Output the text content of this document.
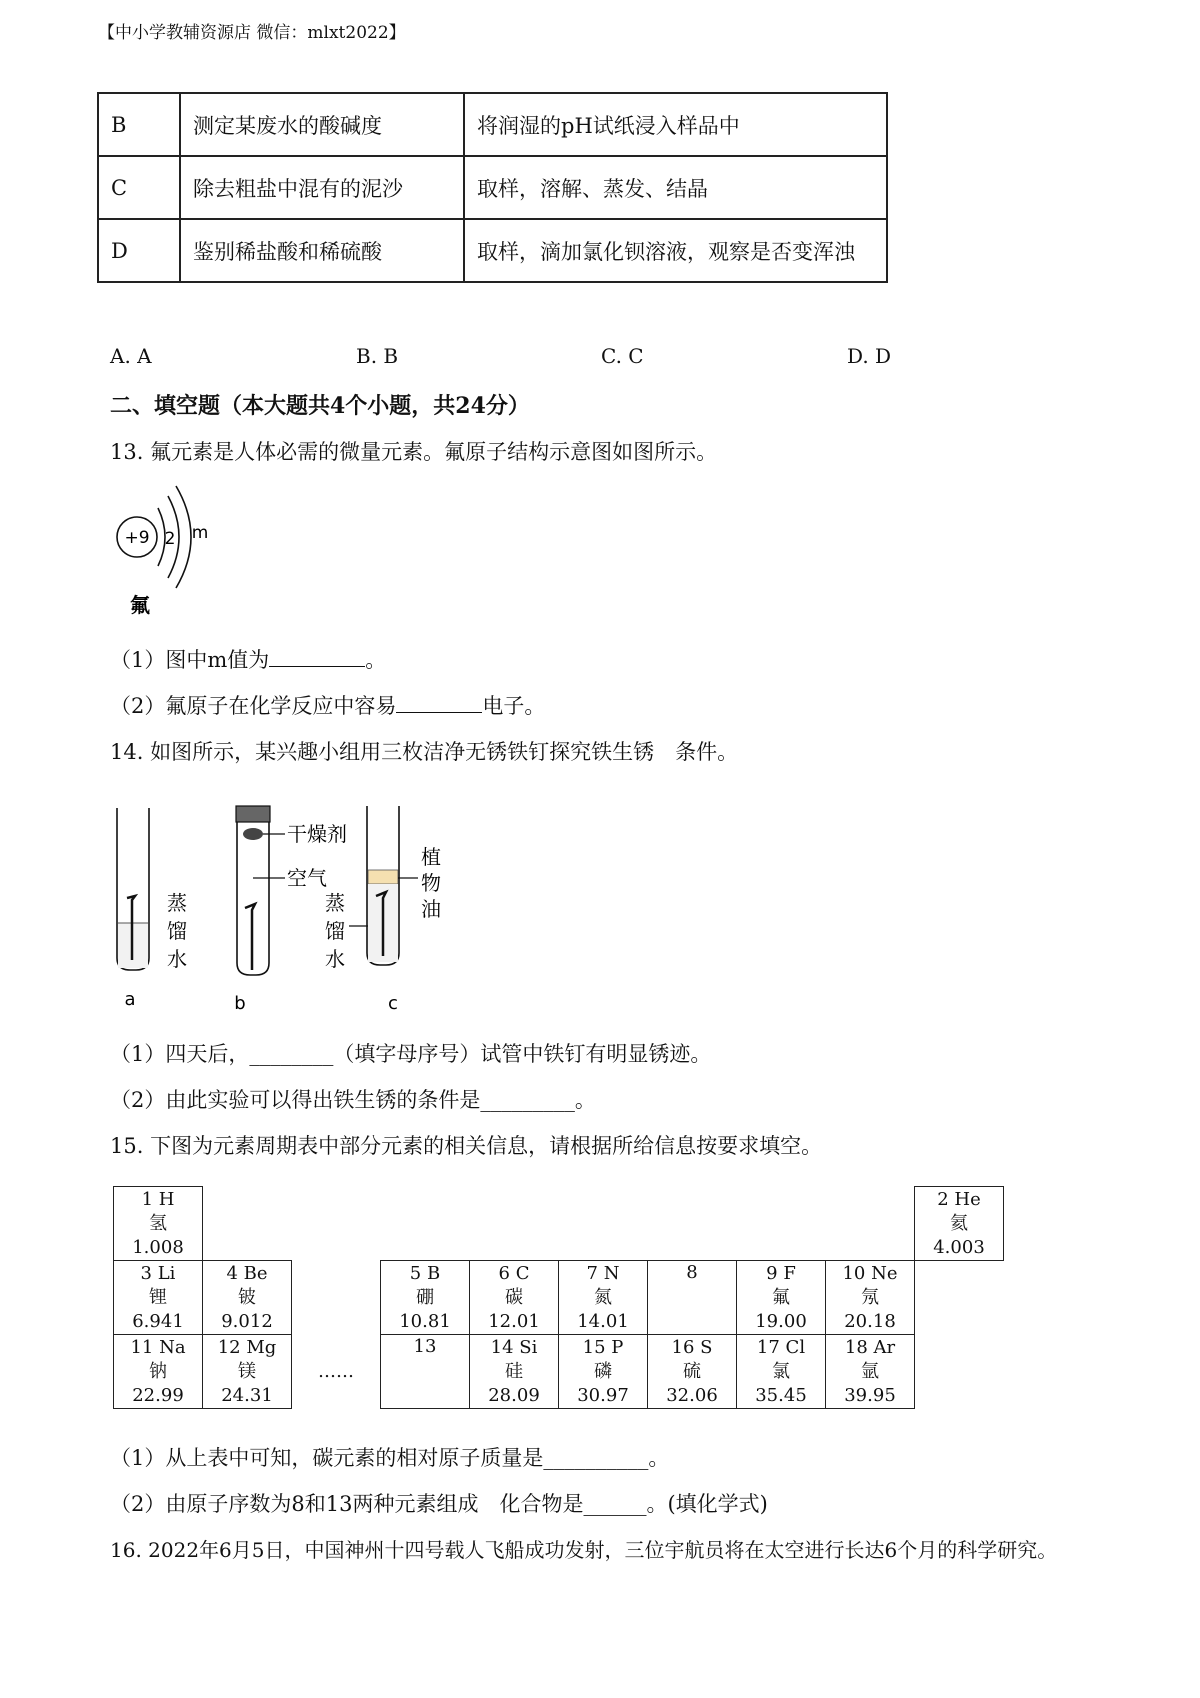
【中小学教辅资源店 微信：mlxt2022】
B	测定某废水的酸碱度	将润湿的pH试纸浸入样品中
C	除去粗盐中混有的泥沙	取样，溶解、蒸发、结晶
D	鉴别稀盐酸和稀硫酸	取样，滴加氯化钡溶液，观察是否变浑浊
A. A	B. B	C. C	D. D
二、填空题（本大题共4个小题，共24分）
13. 氟元素是人体必需的微量元素。氟原子结构示意图如图所示。
+9 2 m
氟
（1）图中m值为	。
（2）氟原子在化学反应中容易	电子。
14. 如图所示，某兴趣小组用三枚洁净无锈铁钉探究铁生锈　条件。
a
蒸
馏
水
干燥剂
空气
b
植
物
油
蒸
馏
水
c
（1）四天后，________（填字母序号）试管中铁钉有明显锈迹。
（2）由此实验可以得出铁生锈的条件是_________。
15. 下图为元素周期表中部分元素的相关信息，请根据所给信息按要求填空。
1 H
氢
1.008									2 He
氦
4.003

3 Li
锂
6.941	4 Be
铍
9.012		5 B
硼
10.81	6 C
碳
12.01	7 N
氮
14.01	8	9 F
氟
19.00	10 Ne
氖
20.18	

11 Na
钠
22.99	12 Mg
镁
24.31	……	13	14 Si
硅
28.09	15 P
磷
30.97	16 S
硫
32.06	17 Cl
氯
35.45	18 Ar
氩
39.95	
（1）从上表中可知，碳元素的相对原子质量是__________。
（2）由原子序数为8和13两种元素组成　化合物是______。(填化学式)
16. 2022年6月5日，中国神州十四号载人飞船成功发射，三位宇航员将在太空进行长达6个月的科学研究。
